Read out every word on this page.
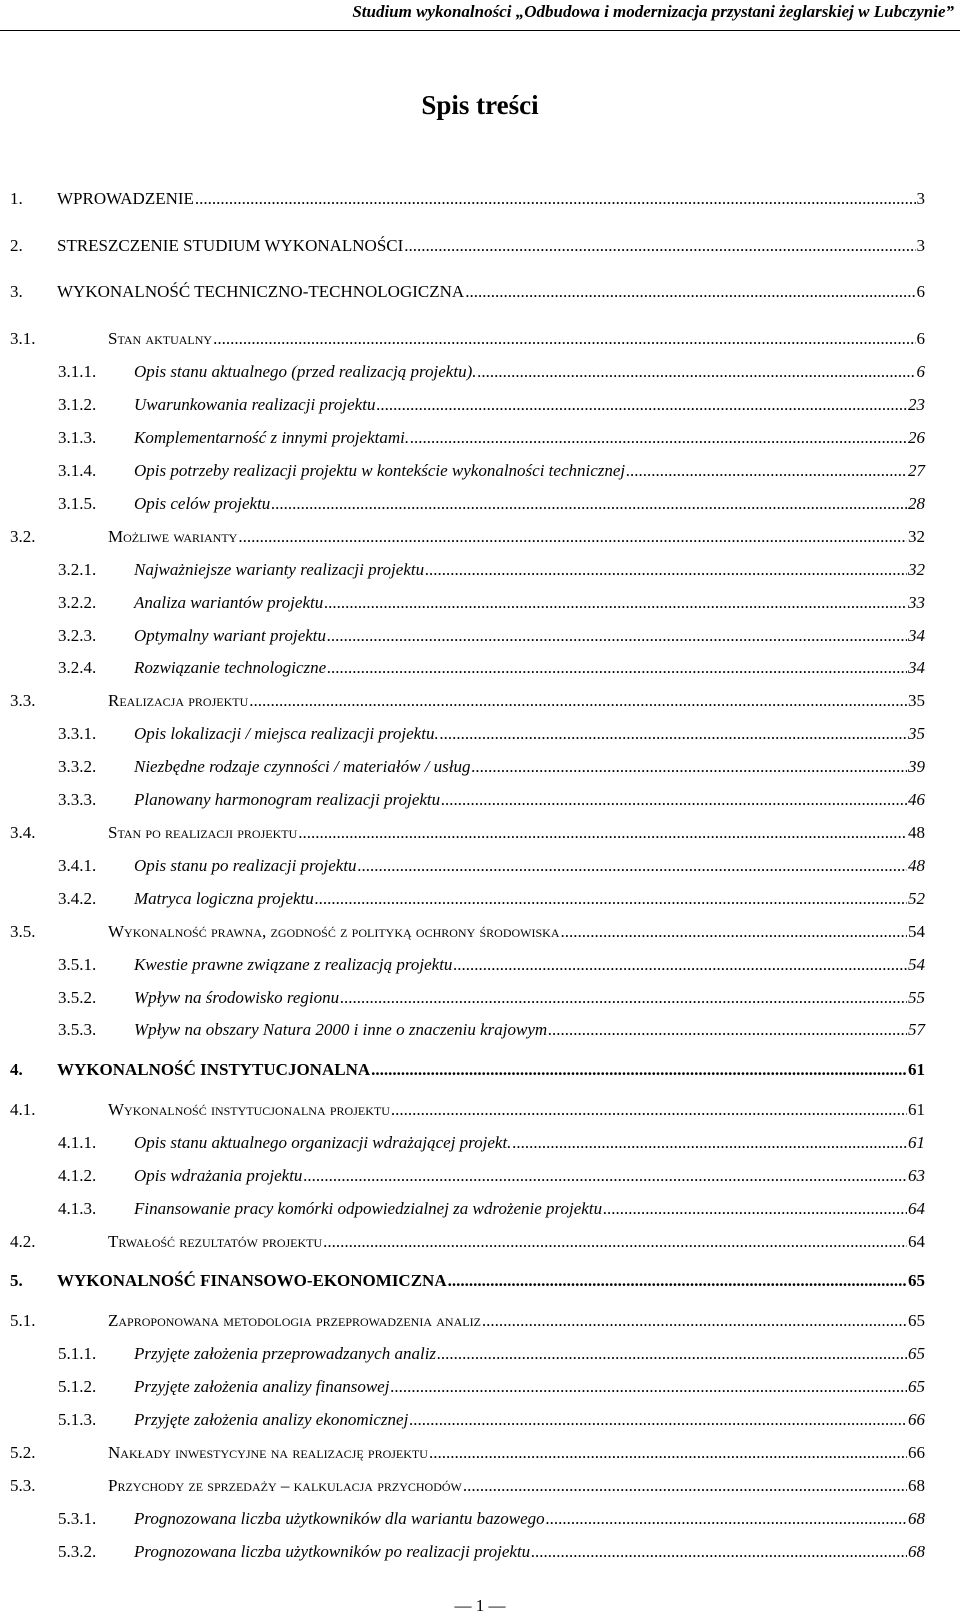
Studium wykonalności „Odbudowa i modernizacja przystani żeglarskiej w Lubczynie”
Spis treści
1. WPROWADZENIE .....	3
2. STRESZCZENIE STUDIUM WYKONALNOŚCI .....	3
3. WYKONALNOŚĆ TECHNICZNO-TECHNOLOGICZNA .....	6
3.1.	Stan aktualny .....	6
3.1.1. Opis stanu aktualnego (przed realizacją projektu). .....	6
3.1.2. Uwarunkowania realizacji projektu .....	23
3.1.3. Komplementarność z innymi projektami. .....	26
3.1.4. Opis potrzeby realizacji projektu w kontekście wykonalności technicznej .....	27
3.1.5. Opis celów projektu .....	28
3.2.	Możliwe warianty .....	32
3.2.1. Najważniejsze warianty realizacji projektu .....	32
3.2.2. Analiza wariantów projektu .....	33
3.2.3. Optymalny wariant projektu .....	34
3.2.4. Rozwiązanie technologiczne .....	34
3.3.	Realizacja projektu .....	35
3.3.1. Opis lokalizacji / miejsca realizacji projektu. .....	35
3.3.2. Niezbędne rodzaje czynności / materiałów / usług .....	39
3.3.3. Planowany harmonogram realizacji projektu .....	46
3.4.	Stan po realizacji projektu .....	48
3.4.1. Opis stanu po realizacji projektu .....	48
3.4.2. Matryca logiczna projektu .....	52
3.5.	Wykonalność prawna, zgodność z polityką ochrony środowiska .....	54
3.5.1. Kwestie prawne związane z realizacją projektu .....	54
3.5.2. Wpływ na środowisko regionu .....	55
3.5.3. Wpływ na obszary Natura 2000 i inne o znaczeniu krajowym .....	57
4. WYKONALNOŚĆ INSTYTUCJONALNA .....	61
4.1.	Wykonalność instytucjonalna projektu .....	61
4.1.1. Opis stanu aktualnego organizacji wdrażającej projekt. .....	61
4.1.2. Opis wdrażania projektu .....	63
4.1.3. Finansowanie pracy komórki odpowiedzialnej za wdrożenie projektu .....	64
4.2.	Trwałość rezultatów projektu .....	64
5. WYKONALNOŚĆ FINANSOWO-EKONOMICZNA .....	65
5.1.	Zaproponowana metodologia przeprowadzenia analiz .....	65
5.1.1. Przyjęte założenia przeprowadzanych analiz .....	65
5.1.2. Przyjęte założenia analizy finansowej .....	65
5.1.3. Przyjęte założenia analizy ekonomicznej .....	66
5.2.	Nakłady inwestycyjne na realizację projektu .....	66
5.3.	Przychody ze sprzedaży – kalkulacja przychodów .....	68
5.3.1. Prognozowana liczba użytkowników dla wariantu bazowego .....	68
5.3.2. Prognozowana liczba użytkowników po realizacji projektu .....	68
— 1 —
